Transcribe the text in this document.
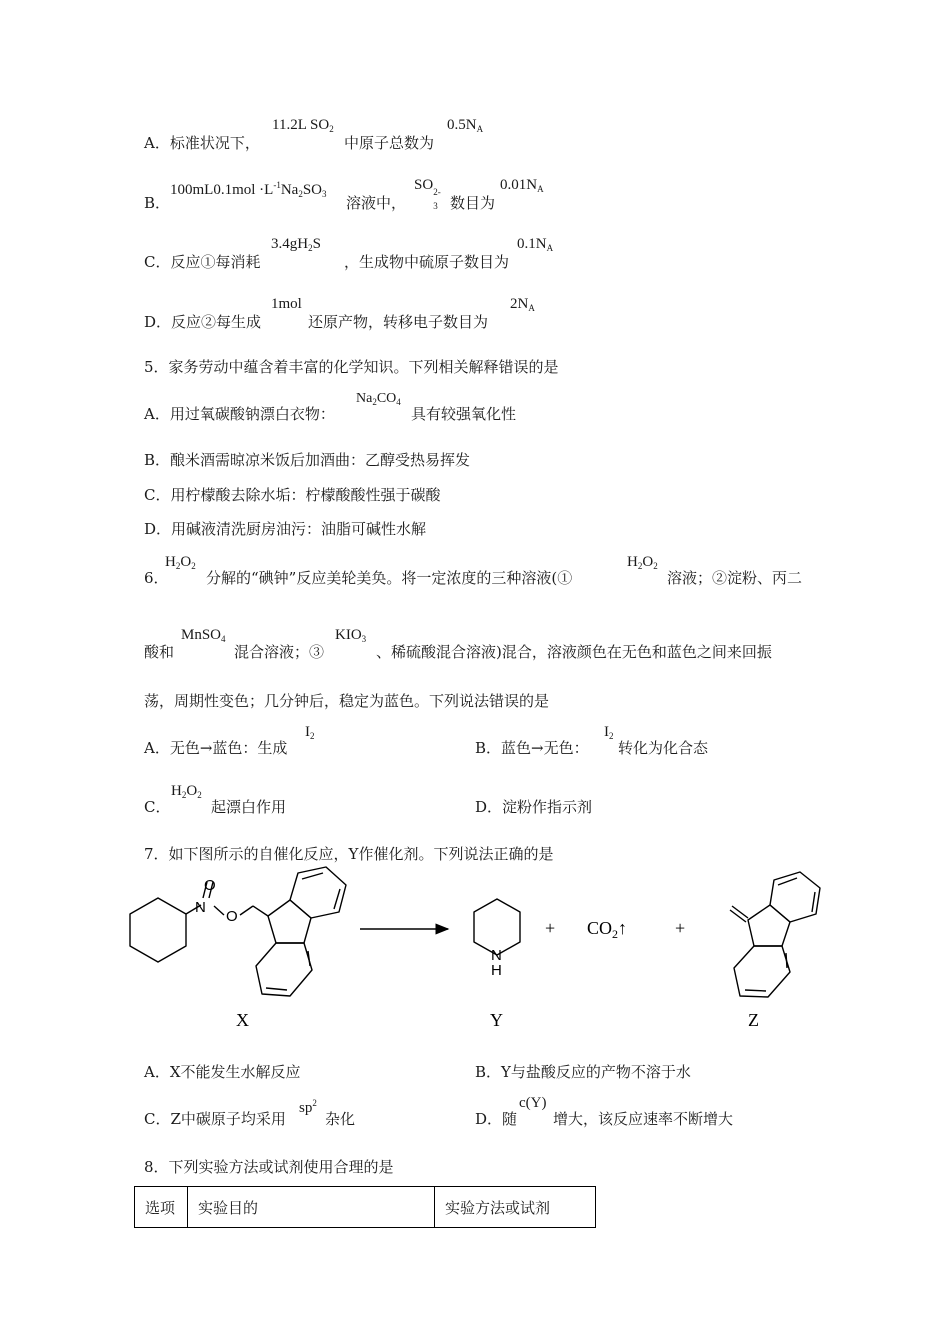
A．标准状况下，
11.2L $SO_2$
中原子总数为
$0.5N_A$
B．
$100mL0.1mol \cdot L^{-1}Na_2SO_3$ 溶液中，
SO 2-
3 数目为
$0.01N_A$
C．反应①每消耗
$3.4gH_2S$
，生成物中硫原子数目为
$0.1N_A$
D．反应②每生成
1mol
还原产物，转移电子数目为
$2N_A$
5．家务劳动中蕴含着丰富的化学知识。下列相关解释错误的是
A．用过氧碳酸钠漂白衣物：
$Na_2CO_4$
具有较强氧化性
B．酿米酒需晾凉米饭后加酒曲：乙醇受热易挥发
C．用柠檬酸去除水垢：柠檬酸酸性强于碳酸
D．用碱液清洗厨房油污：油脂可碱性水解
6．
$H_2O_2$
分解的“碘钟”反应美轮美奂。将一定浓度的三种溶液(①
$H_2O_2$
溶液；②淀粉、丙二
酸和
MnSO$_4$
混合溶液；③
$KIO_3$
、稀硫酸混合溶液)混合，溶液颜色在无色和蓝色之间来回振
荡，周期性变色；几分钟后，稳定为蓝色。下列说法错误的是
A．无色→蓝色：生成
$I_2$
B．蓝色→无色：
$I_2$
转化为化合态
C．
$H_2O_2$
起漂白作用	D．淀粉作指示剂
7．如下图所示的自催化反应，Y作催化剂。下列说法正确的是
O
N
O
N
H
+ $CO_2↑$	+
X	Y	Z
A．X不能发生水解反应	B．Y与盐酸反应的产物不溶于水
C．Z中碳原子均采用
$sp^2$
杂化	D．随
c(Y)
增大，该反应速率不断增大
8．下列实验方法或试剂使用合理的是
选项	实验目的	实验方法或试剂
